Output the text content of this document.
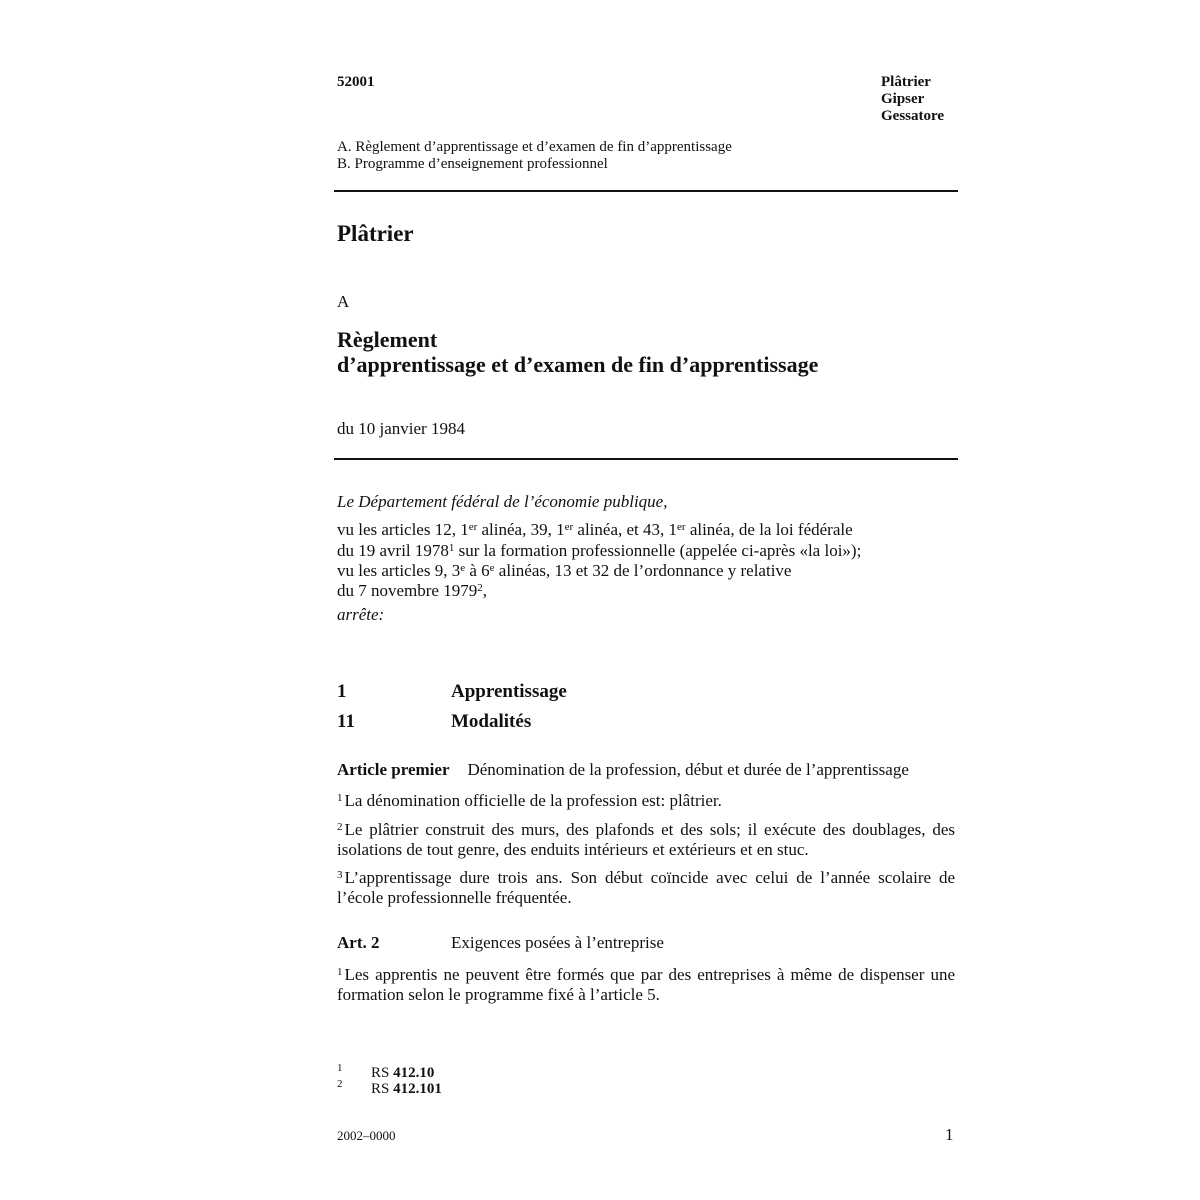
52001	Plâtrier
Gipser
Gessatore
A. Règlement d’apprentissage et d’examen de fin d’apprentissage
B. Programme d’enseignement professionnel
Plâtrier
A
Règlement
d’apprentissage et d’examen de fin d’apprentissage
du 10 janvier 1984
Le Département fédéral de l’économie publique,
vu les articles 12, 1er alinéa, 39, 1er alinéa, et 43, 1er alinéa, de la loi fédérale
du 19 avril 1978$^1$ sur la formation professionnelle (appelée ci-après «la loi»);
vu les articles 9, 3e à 6e alinéas, 13 et 32 de l’ordonnance y relative
du 7 novembre 1979$^2$,
arrête:
1	Apprentissage
11	Modalités
Article premier Dénomination de la profession, début et durée de l’apprentissage
$^1$ La dénomination officielle de la profession est: plâtrier.
$^2$ Le plâtrier construit des murs, des plafonds et des sols; il exécute des doublages, des isolations de tout genre, des enduits intérieurs et extérieurs et en stuc.
$^3$ L’apprentissage dure trois ans. Son début coïncide avec celui de l’année scolaire de l’école professionnelle fréquentée.
Art. 2	Exigences posées à l’entreprise
$^1$ Les apprentis ne peuvent être formés que par des entreprises à même de dispenser une formation selon le programme fixé à l’article 5.
1 RS 412.10
2 RS 412.101
2002–0000	1
